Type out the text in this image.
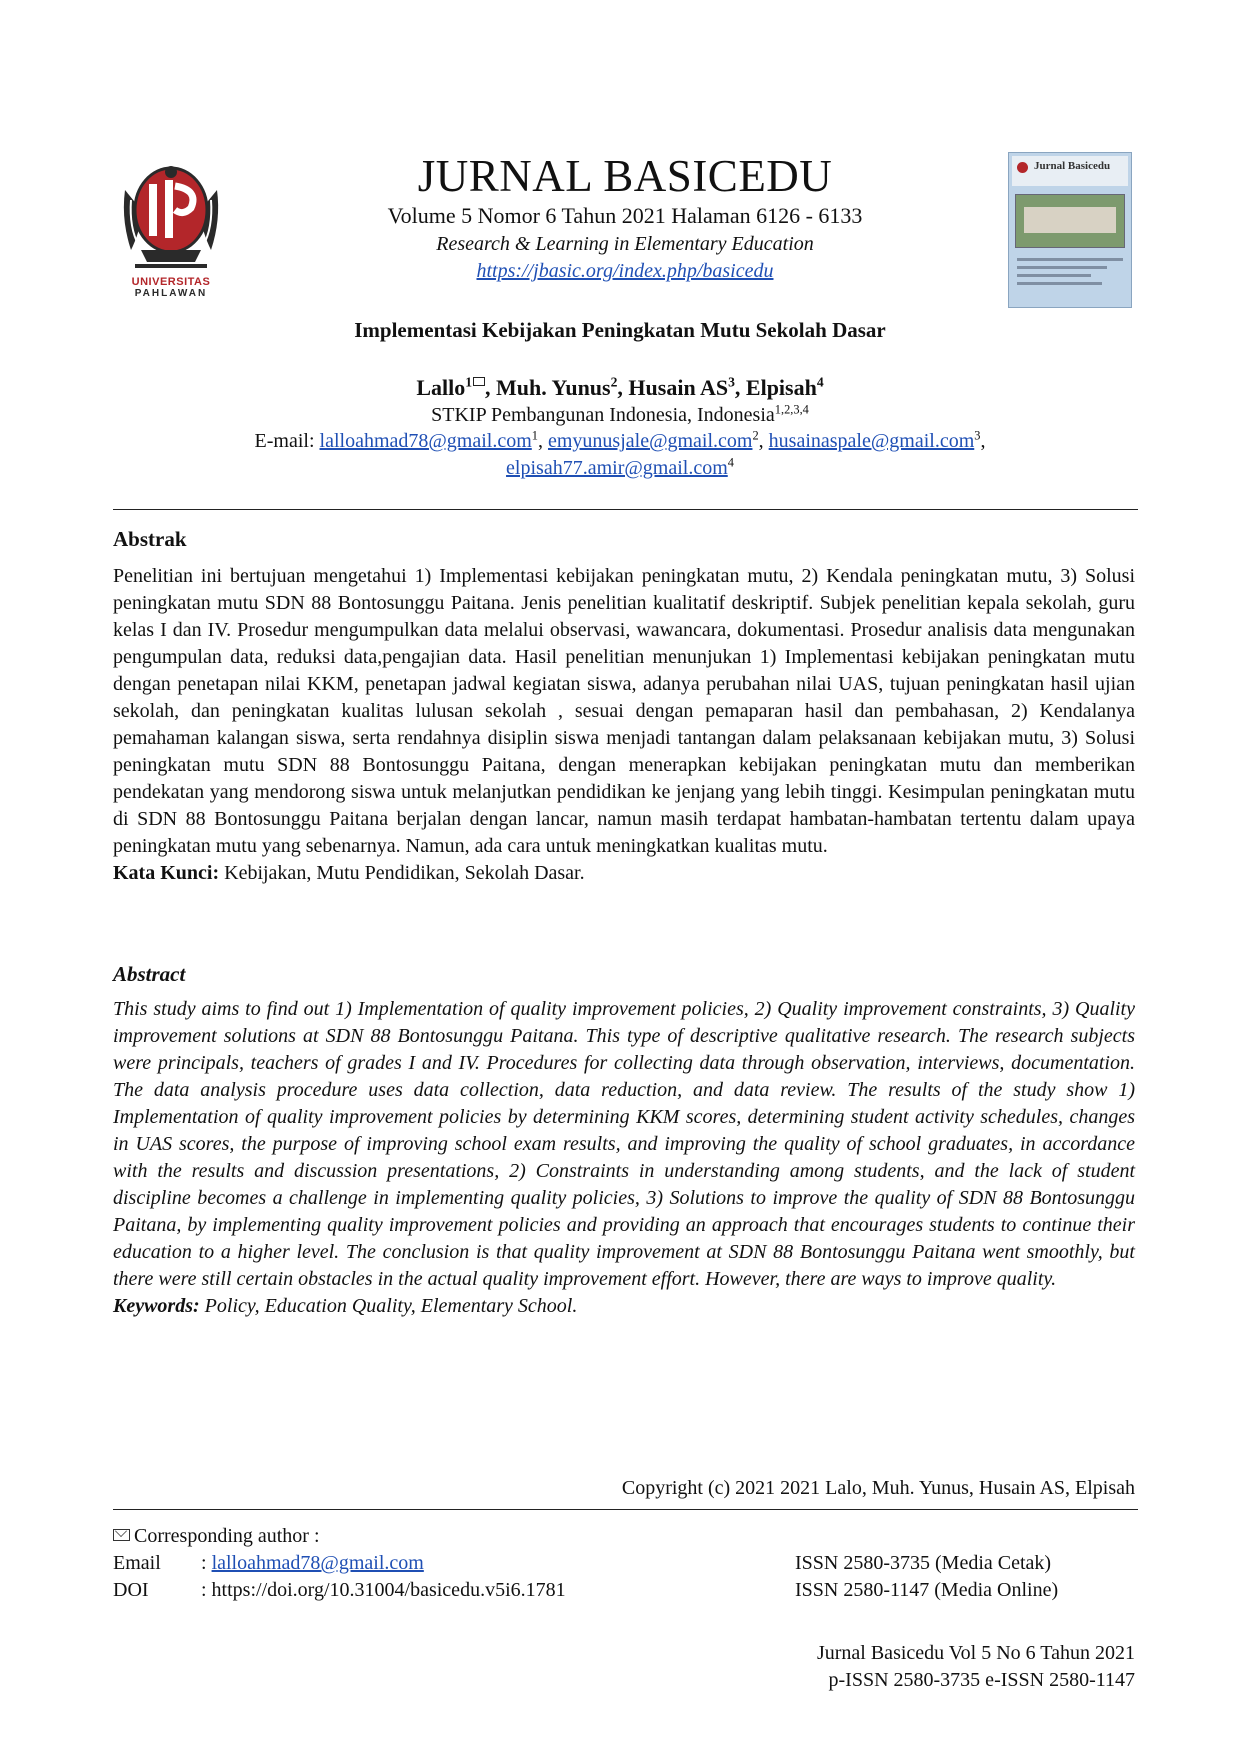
UNIVERSITAS
PAHLAWAN
JURNAL BASICEDU
Volume 5 Nomor 6 Tahun 2021 Halaman 6126 - 6133
Research & Learning in Elementary Education
https://jbasic.org/index.php/basicedu
Jurnal Basicedu
Implementasi Kebijakan Peningkatan Mutu Sekolah Dasar
Lallo$^1$ , Muh. Yunus$^2$, Husain $AS^3$, Elpisah$^4$
STKIP Pembangunan Indonesia, Indonesia$^{1,2,3,4}$
E-mail: lalloahmad78@gmail.com$^1$, emyunusjale@gmail.com$^2$, husainaspale@gmail.com$^3$,
elpisah77.amir@gmail.com$^4$
Abstrak
Penelitian ini bertujuan mengetahui 1) Implementasi kebijakan peningkatan mutu, 2) Kendala peningkatan mutu, 3) Solusi peningkatan mutu SDN 88 Bontosunggu Paitana. Jenis penelitian kualitatif deskriptif. Subjek penelitian kepala sekolah, guru kelas I dan IV. Prosedur mengumpulkan data melalui observasi, wawancara, dokumentasi. Prosedur analisis data mengunakan pengumpulan data, reduksi data,pengajian data. Hasil penelitian menunjukan 1) Implementasi kebijakan peningkatan mutu dengan penetapan nilai KKM, penetapan jadwal kegiatan siswa, adanya perubahan nilai UAS, tujuan peningkatan hasil ujian sekolah, dan peningkatan kualitas lulusan sekolah , sesuai dengan pemaparan hasil dan pembahasan, 2) Kendalanya pemahaman kalangan siswa, serta rendahnya disiplin siswa menjadi tantangan dalam pelaksanaan kebijakan mutu, 3) Solusi peningkatan mutu SDN 88 Bontosunggu Paitana, dengan menerapkan kebijakan peningkatan mutu dan memberikan pendekatan yang mendorong siswa untuk melanjutkan pendidikan ke jenjang yang lebih tinggi. Kesimpulan peningkatan mutu di SDN 88 Bontosunggu Paitana berjalan dengan lancar, namun masih terdapat hambatan-hambatan tertentu dalam upaya peningkatan mutu yang sebenarnya. Namun, ada cara untuk meningkatkan kualitas mutu.
Kata Kunci: Kebijakan, Mutu Pendidikan, Sekolah Dasar.
Abstract
This study aims to find out 1) Implementation of quality improvement policies, 2) Quality improvement constraints, 3) Quality improvement solutions at SDN 88 Bontosunggu Paitana. This type of descriptive qualitative research. The research subjects were principals, teachers of grades I and IV. Procedures for collecting data through observation, interviews, documentation. The data analysis procedure uses data collection, data reduction, and data review. The results of the study show 1) Implementation of quality improvement policies by determining KKM scores, determining student activity schedules, changes in UAS scores, the purpose of improving school exam results, and improving the quality of school graduates, in accordance with the results and discussion presentations, 2) Constraints in understanding among students, and the lack of student discipline becomes a challenge in implementing quality policies, 3) Solutions to improve the quality of SDN 88 Bontosunggu Paitana, by implementing quality improvement policies and providing an approach that encourages students to continue their education to a higher level. The conclusion is that quality improvement at SDN 88 Bontosunggu Paitana went smoothly, but there were still certain obstacles in the actual quality improvement effort. However, there are ways to improve quality.
Keywords: Policy, Education Quality, Elementary School.
Copyright (c) 2021 2021 Lalo, Muh. Yunus, Husain AS, Elpisah
Corresponding author :
Email : lalloahmad78@gmail.com
DOI	: https://doi.org/10.31004/basicedu.v5i6.1781
ISSN 2580-3735 (Media Cetak)
ISSN 2580-1147 (Media Online)
Jurnal Basicedu Vol 5 No 6 Tahun 2021
p-ISSN 2580-3735 e-ISSN 2580-1147
